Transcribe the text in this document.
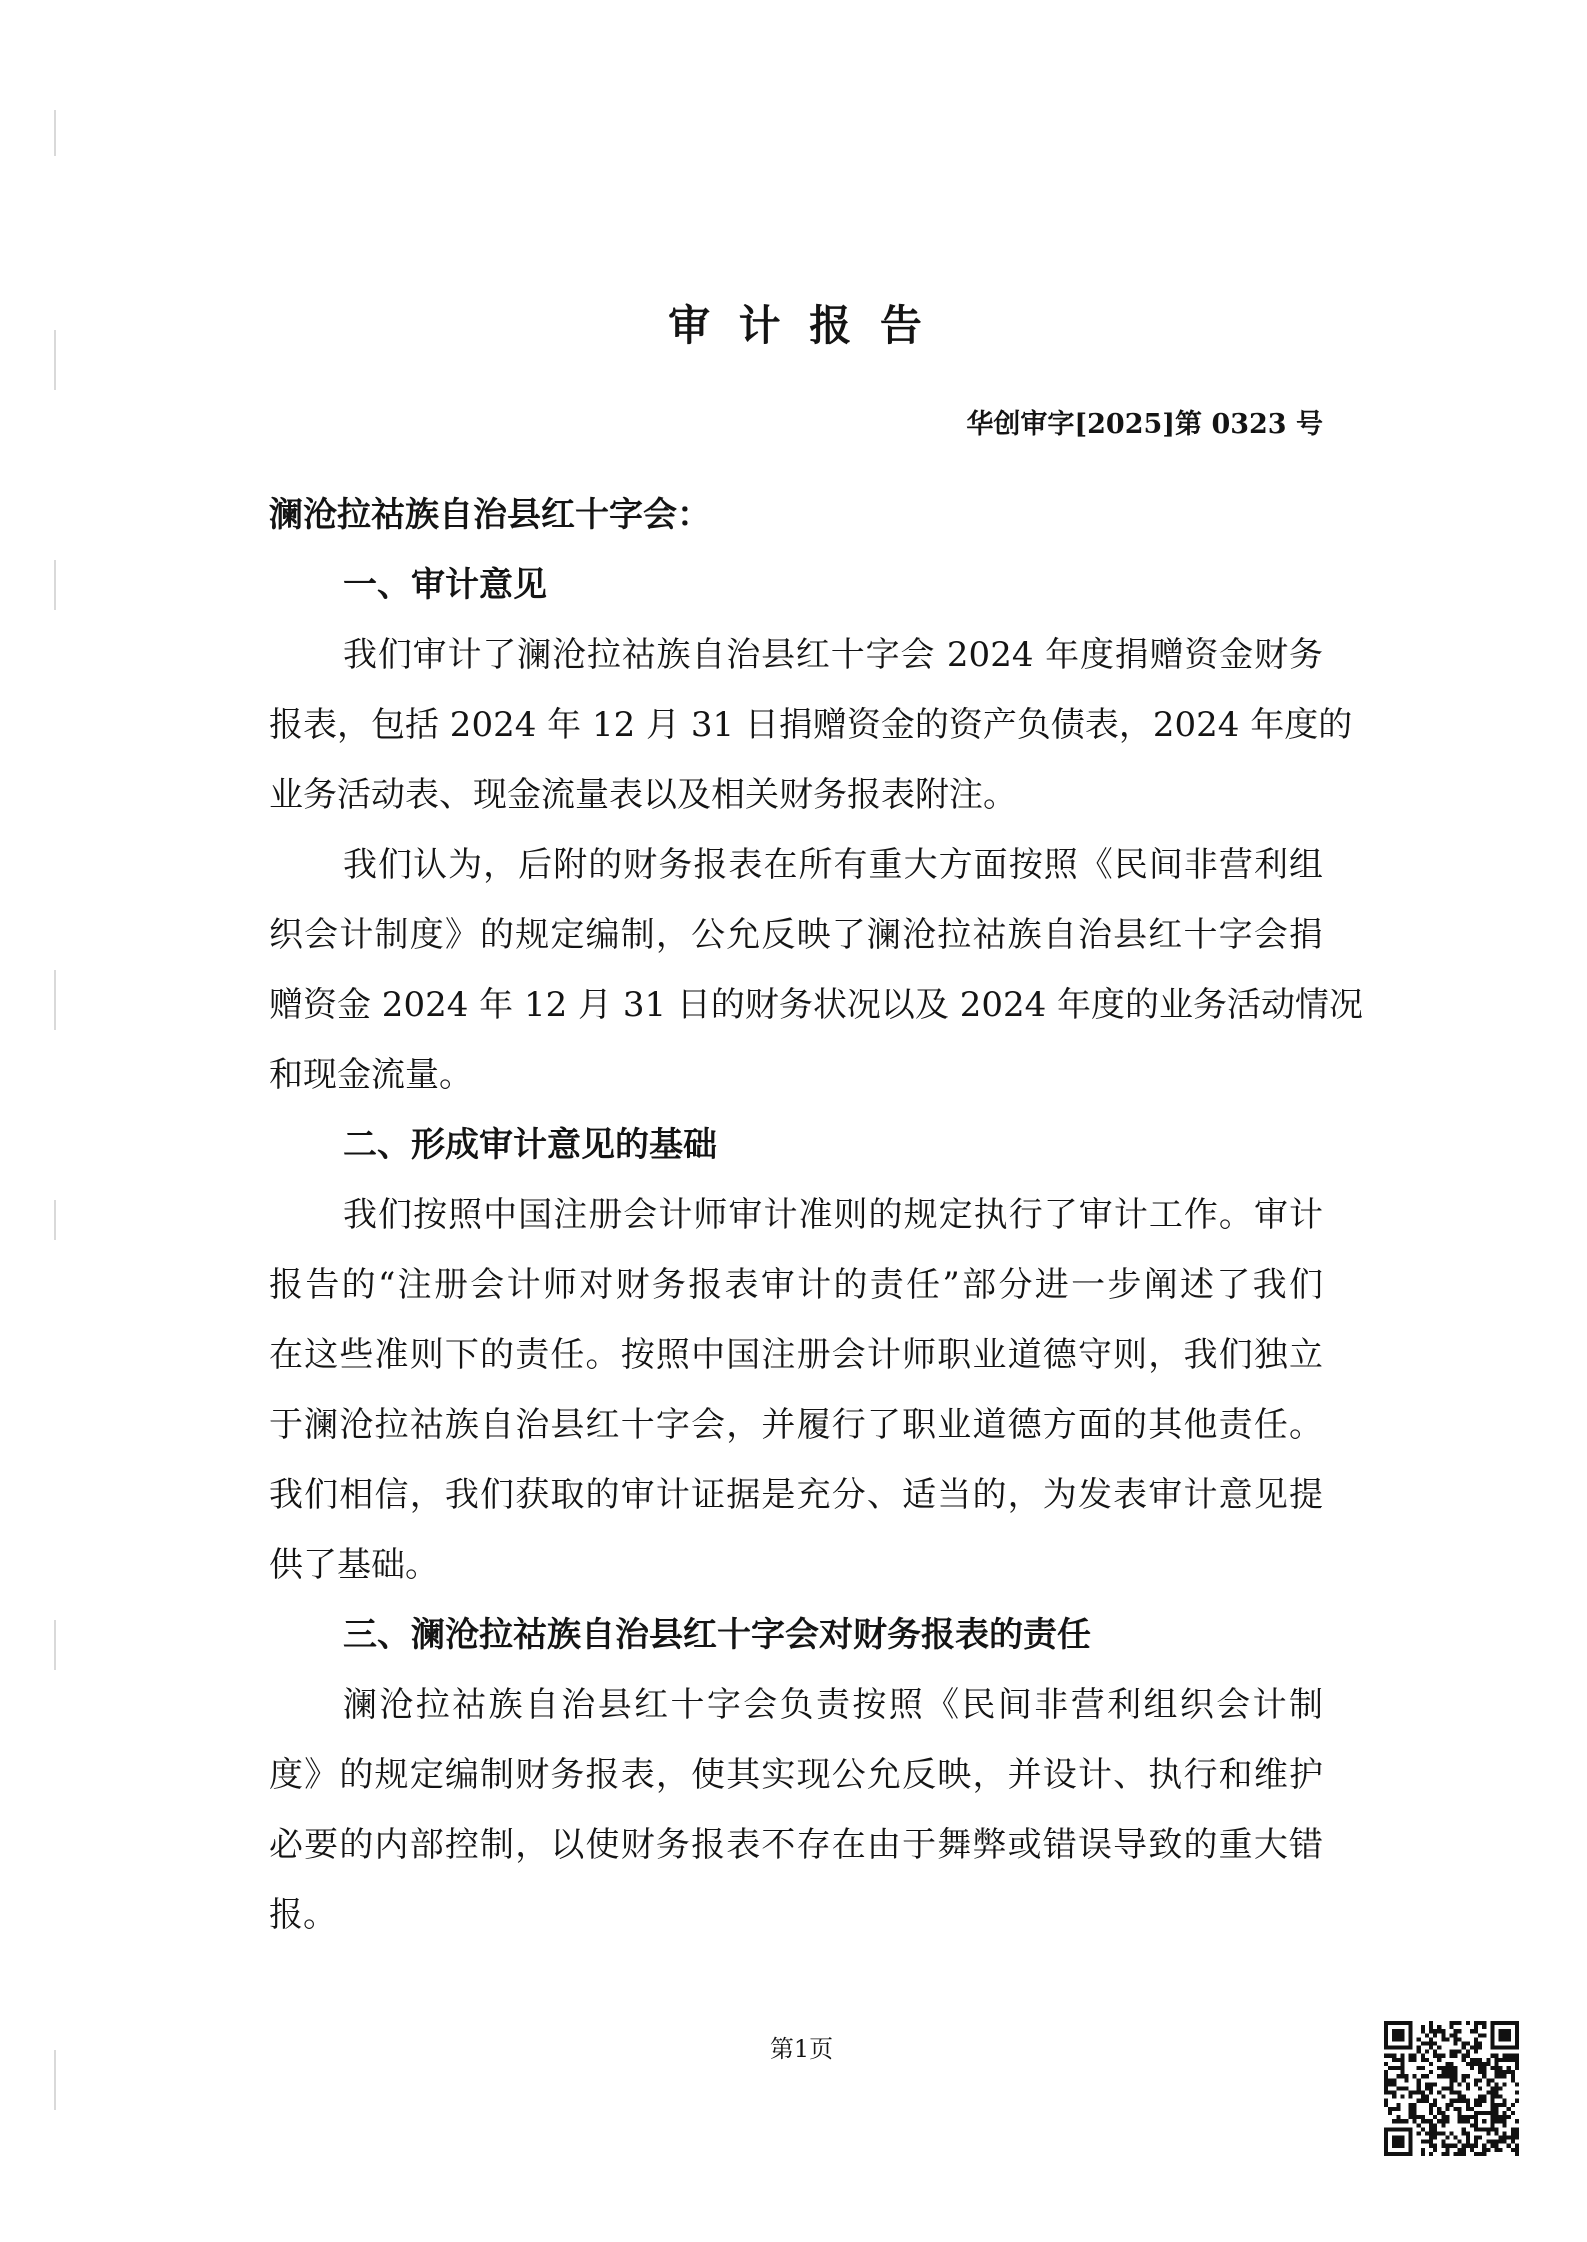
审 计 报 告
华创审字[2025]第 0323 号
澜沧拉祜族自治县红十字会：
一、审计意见
我们审计了澜沧拉祜族自治县红十字会 2024 年度捐赠资金财务
报表，包括 2024 年 12 月 31 日捐赠资金的资产负债表，2024 年度的
业务活动表、现金流量表以及相关财务报表附注。
我们认为，后附的财务报表在所有重大方面按照《民间非营利组
织会计制度》的规定编制，公允反映了澜沧拉祜族自治县红十字会捐
赠资金 2024 年 12 月 31 日的财务状况以及 2024 年度的业务活动情况
和现金流量。
二、形成审计意见的基础
我们按照中国注册会计师审计准则的规定执行了审计工作。审计
报告的“注册会计师对财务报表审计的责任”部分进一步阐述了我们
在这些准则下的责任。按照中国注册会计师职业道德守则，我们独立
于澜沧拉祜族自治县红十字会，并履行了职业道德方面的其他责任。
我们相信，我们获取的审计证据是充分、适当的，为发表审计意见提
供了基础。
三、澜沧拉祜族自治县红十字会对财务报表的责任
澜沧拉祜族自治县红十字会负责按照《民间非营利组织会计制
度》的规定编制财务报表，使其实现公允反映，并设计、执行和维护
必要的内部控制，以使财务报表不存在由于舞弊或错误导致的重大错
报。
第1页
